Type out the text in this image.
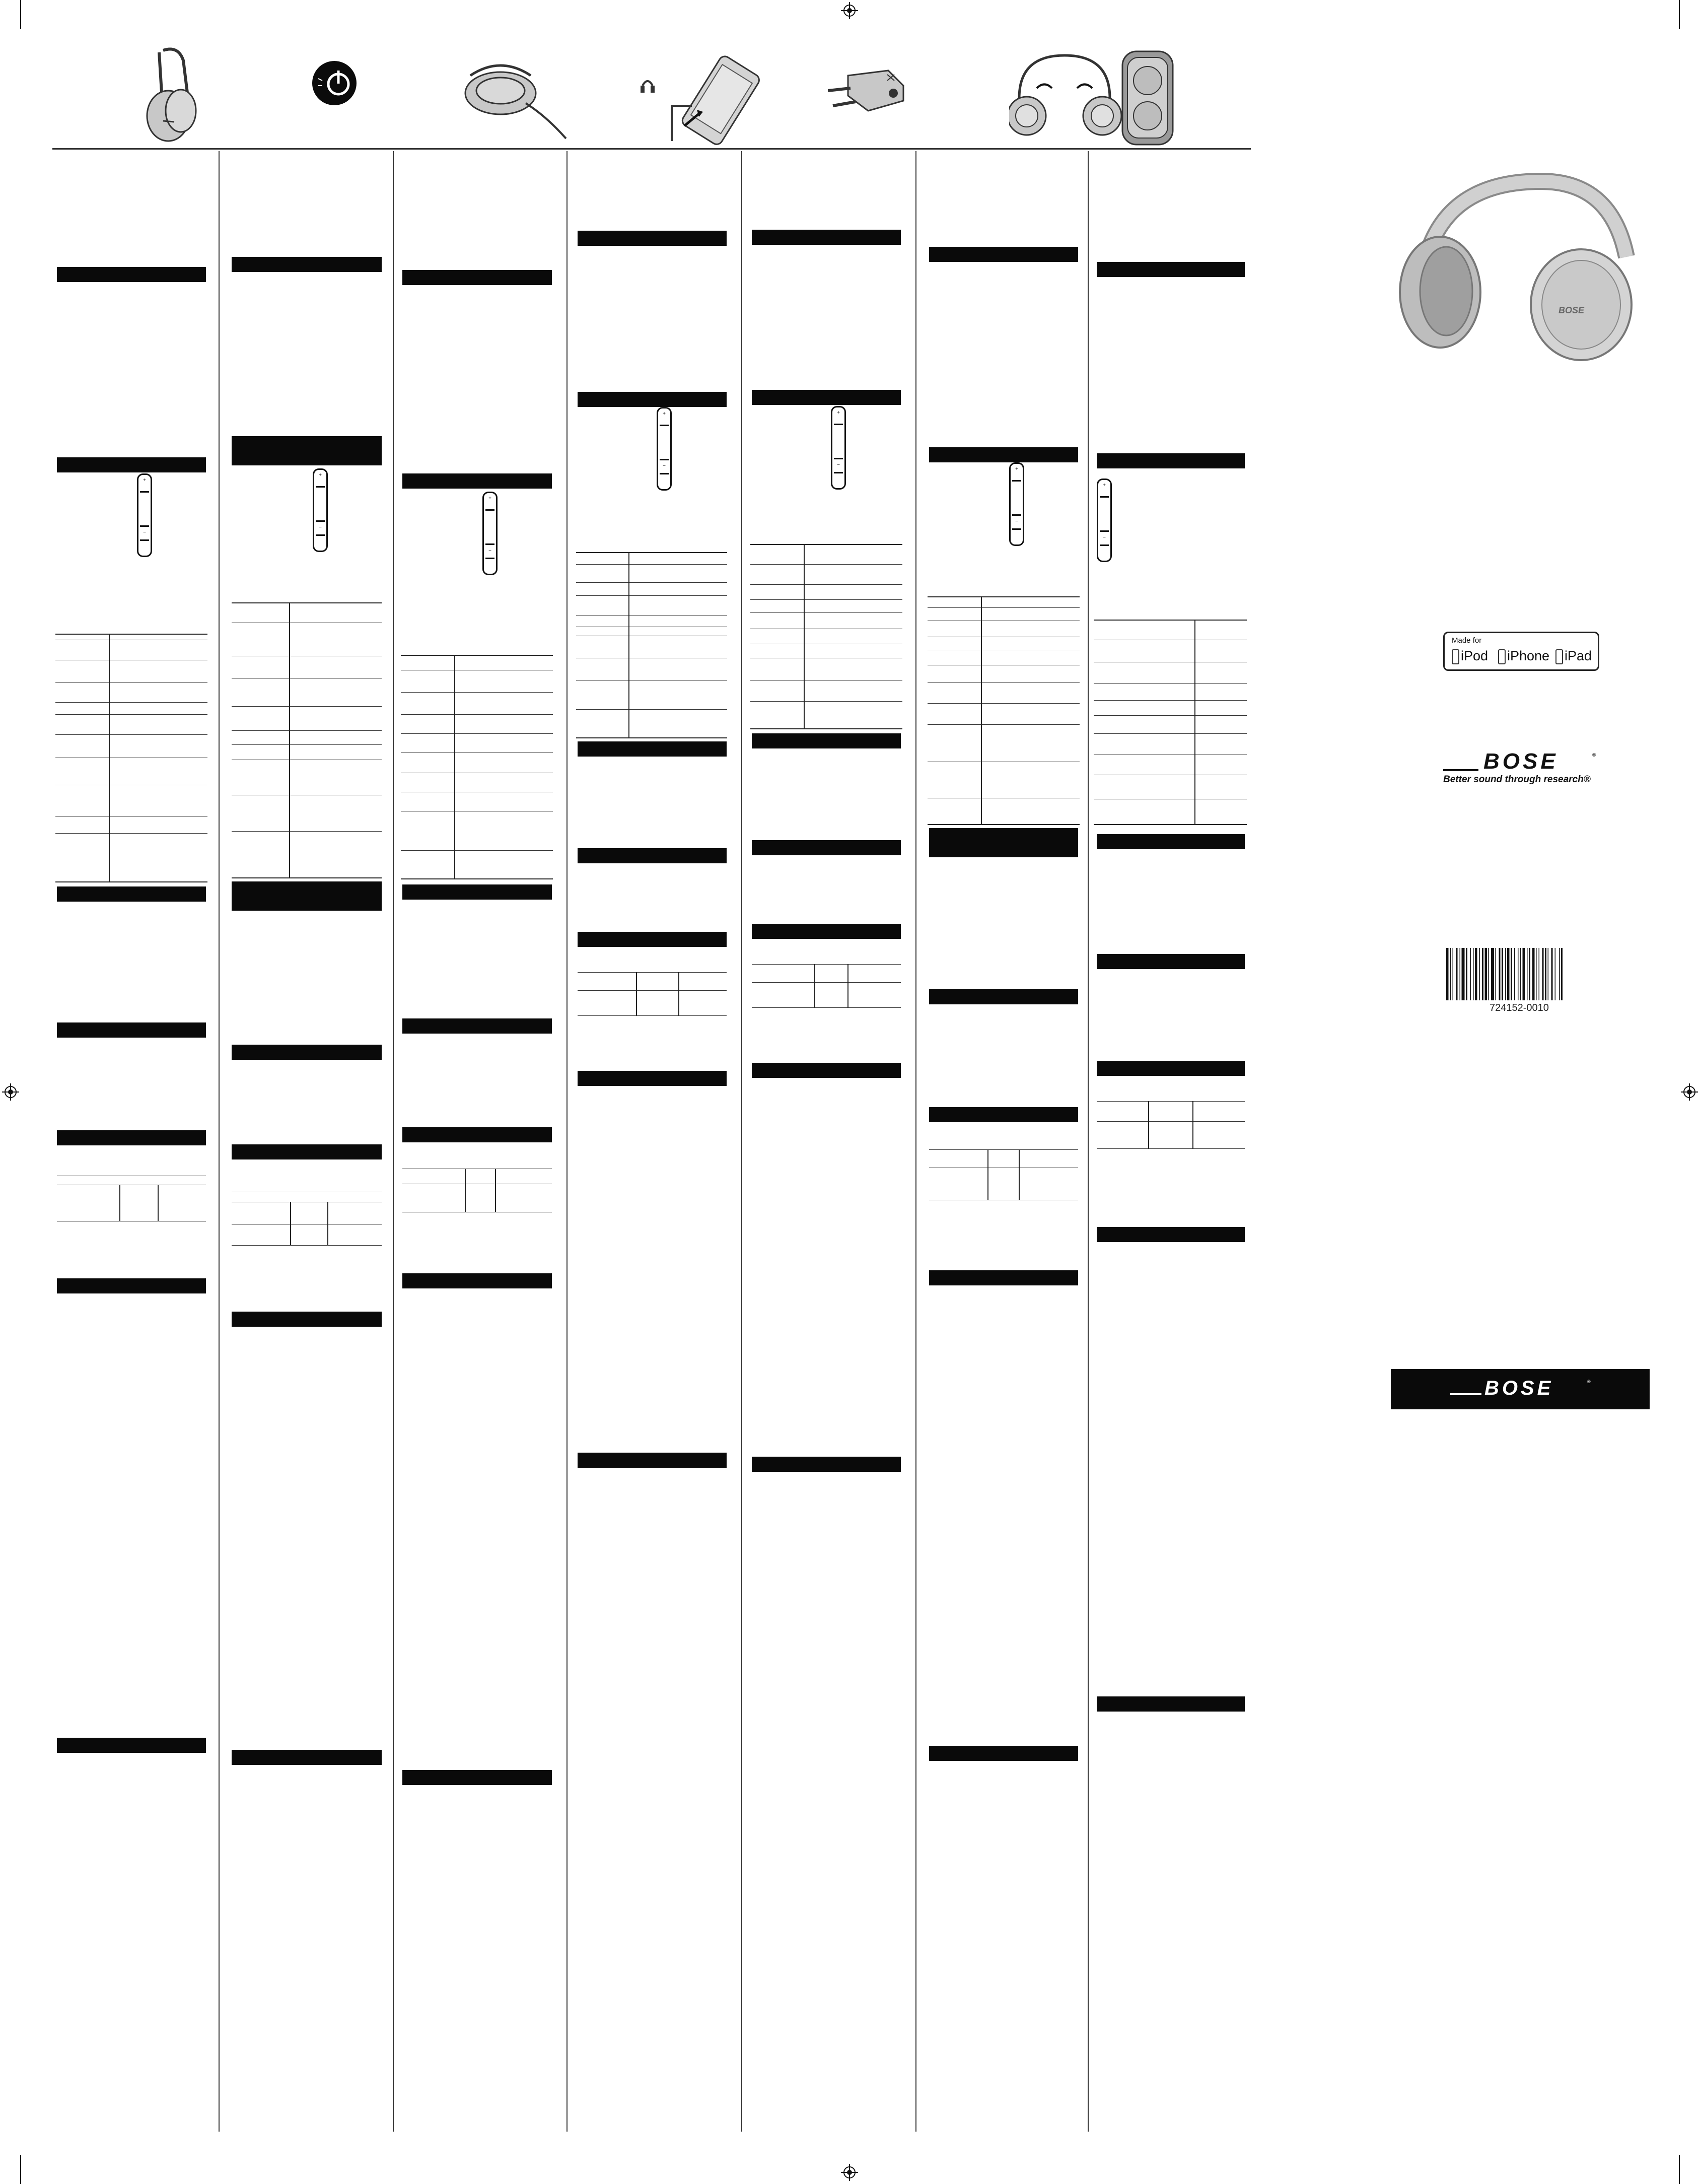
+
−
+
−
+
−
+
−
+
−
+
−
+
−
BOSE
Made for
iPod iPhone iPad
BOSE	®
Better sound through research®
724152-0010
BOSE	®
